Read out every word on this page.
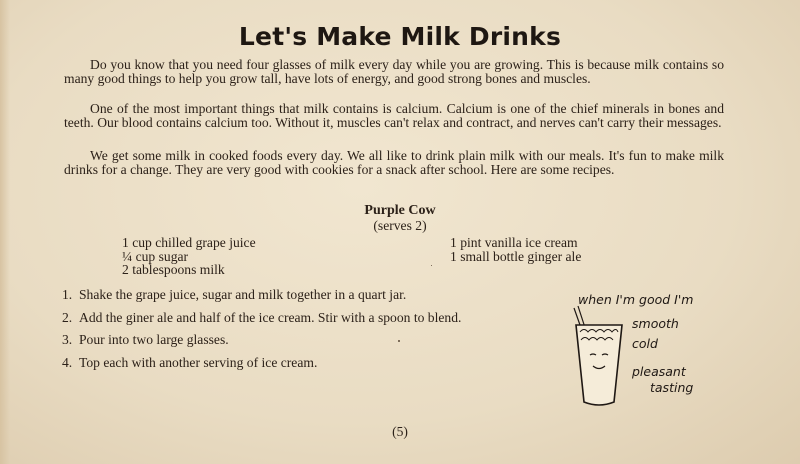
Let's Make Milk Drinks

Do you know that you need four glasses of milk every day while you are growing. This is because milk contains so many good things to help you grow tall, have lots of energy, and good strong bones and muscles.

One of the most important things that milk contains is calcium. Calcium is one of the chief minerals in bones and teeth. Our blood contains calcium too. Without it, muscles can't relax and contract, and nerves can't carry their messages.

We get some milk in cooked foods every day. We all like to drink plain milk with our meals. It's fun to make milk drinks for a change. They are very good with cookies for a snack after school. Here are some recipes.

Purple Cow
(serves 2)
1 cup chilled grape juice
¼ cup sugar
2 tablespoons milk
1 pint vanilla ice cream
1 small bottle ginger ale
1. Shake the grape juice, sugar and milk together in a quart jar.
2. Add the giner ale and half of the ice cream. Stir with a spoon to blend.
3. Pour into two large glasses.
4. Top each with another serving of ice cream.
when I'm good I'm
smooth
cold
pleasant
tasting
(5)
